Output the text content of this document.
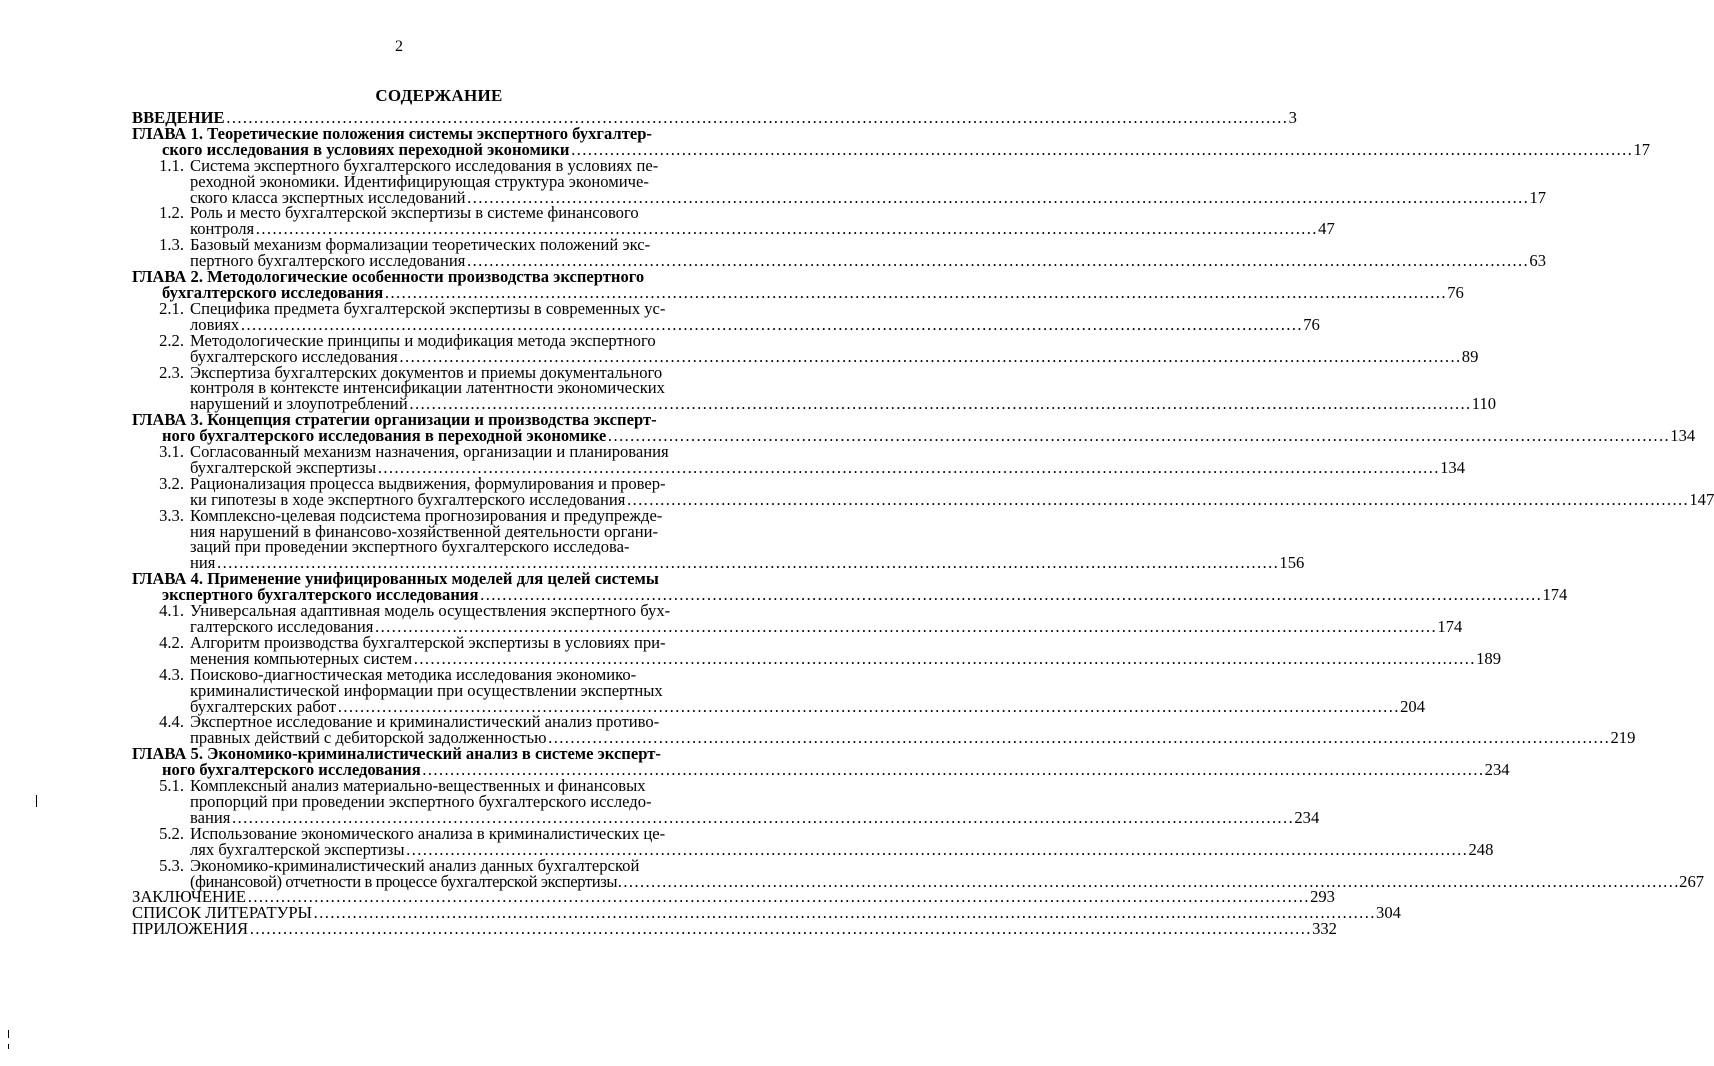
2
СОДЕРЖАНИЕ
ВВЕДЕНИЕ …………………………………………………………………………………………………………………………………………………………………………	3
ГЛАВА 1. Теоретические положения системы экспертного бухгалтер-
ского исследования в условиях переходной экономики …………………………………………………………………………………………………………………………………………………………………………	17
1.1. Система экспертного бухгалтерского исследования в условиях пе-
реходной экономики. Идентифицирующая структура экономиче-
ского класса экспертных исследований …………………………………………………………………………………………………………………………………………………………………………	17
1.2. Роль и место бухгалтерской экспертизы в системе финансового
контроля …………………………………………………………………………………………………………………………………………………………………………	47
1.3. Базовый механизм формализации теоретических положений экс-
пертного бухгалтерского исследования …………………………………………………………………………………………………………………………………………………………………………	63
ГЛАВА 2. Методологические особенности производства экспертного
бухгалтерского исследования …………………………………………………………………………………………………………………………………………………………………………	76
2.1. Специфика предмета бухгалтерской экспертизы в современных ус-
ловиях …………………………………………………………………………………………………………………………………………………………………………	76
2.2. Методологические принципы и модификация метода экспертного
бухгалтерского исследования …………………………………………………………………………………………………………………………………………………………………………	89
2.3. Экспертиза бухгалтерских документов и приемы документального
контроля в контексте интенсификации латентности экономических
нарушений и злоупотреблений …………………………………………………………………………………………………………………………………………………………………………	110
ГЛАВА 3. Концепция стратегии организации и производства эксперт-
ного бухгалтерского исследования в переходной экономике …………………………………………………………………………………………………………………………………………………………………………	134
3.1. Согласованный механизм назначения, организации и планирования
бухгалтерской экспертизы …………………………………………………………………………………………………………………………………………………………………………	134
3.2. Рационализация процесса выдвижения, формулирования и провер-
ки гипотезы в ходе экспертного бухгалтерского исследования …………………………………………………………………………………………………………………………………………………………………………	147
3.3. Комплексно-целевая подсистема прогнозирования и предупрежде-
ния нарушений в финансово-хозяйственной деятельности органи-
заций при проведении экспертного бухгалтерского исследова-
ния …………………………………………………………………………………………………………………………………………………………………………	156
ГЛАВА 4. Применение унифицированных моделей для целей системы
экспертного бухгалтерского исследования …………………………………………………………………………………………………………………………………………………………………………	174
4.1. Универсальная адаптивная модель осуществления экспертного бух-
галтерского исследования …………………………………………………………………………………………………………………………………………………………………………	174
4.2. Алгоритм производства бухгалтерской экспертизы в условиях при-
менения компьютерных систем …………………………………………………………………………………………………………………………………………………………………………	189
4.3. Поисково-диагностическая методика исследования экономико-
криминалистической информации при осуществлении экспертных
бухгалтерских работ …………………………………………………………………………………………………………………………………………………………………………	204
4.4. Экспертное исследование и криминалистический анализ противо-
правных действий с дебиторской задолженностью …………………………………………………………………………………………………………………………………………………………………………	219
ГЛАВА 5. Экономико-криминалистический анализ в системе эксперт-
ного бухгалтерского исследования …………………………………………………………………………………………………………………………………………………………………………	234
5.1. Комплексный анализ материально-вещественных и финансовых
пропорций при проведении экспертного бухгалтерского исследо-
вания …………………………………………………………………………………………………………………………………………………………………………	234
5.2. Использование экономического анализа в криминалистических це-
лях бухгалтерской экспертизы …………………………………………………………………………………………………………………………………………………………………………	248
5.3. Экономико-криминалистический анализ данных бухгалтерской
(финансовой) отчетности в процессе бухгалтерской экспертизы …………………………………………………………………………………………………………………………………………………………………………	267
ЗАКЛЮЧЕНИЕ …………………………………………………………………………………………………………………………………………………………………………	293
СПИСОК ЛИТЕРАТУРЫ …………………………………………………………………………………………………………………………………………………………………………	304
ПРИЛОЖЕНИЯ …………………………………………………………………………………………………………………………………………………………………………	332
